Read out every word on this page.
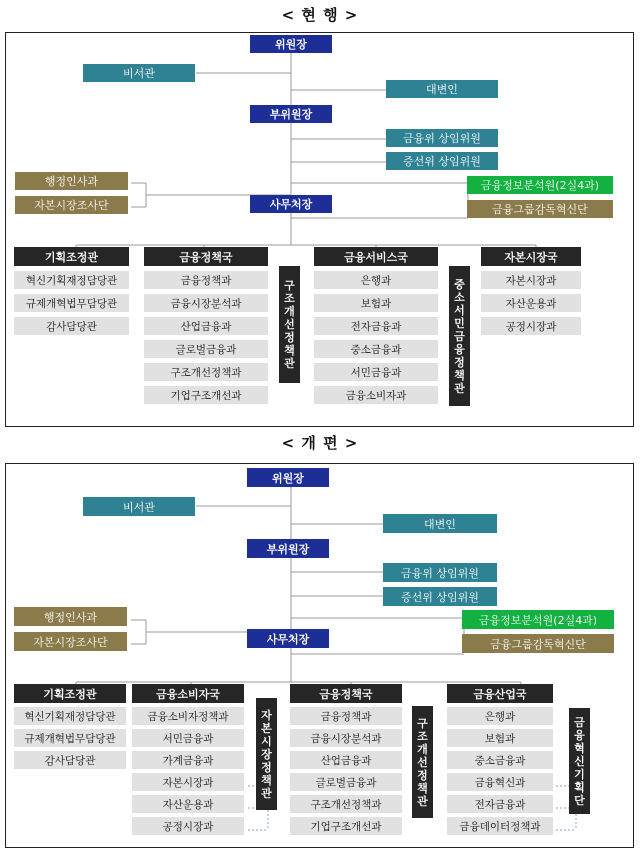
< 현 행 >
위원장
비서관
대변인
부위원장
금융위 상임위원
증선위 상임위원
행정인사과
자본시장조사단
금융정보분석원(2실4과)
금융그룹감독혁신단
사무처장
기획조정관
혁신기획재정담당관
규제개혁법무담당관
감사담당관
금융정책국
금융정책과
금융시장분석과
산업금융과
글로벌금융과
구조개선정책과
기업구조개선과
구조개선정책관
금융서비스국
은행과
보험과
전자금융과
중소금융과
서민금융과
금융소비자과
중소서민금융정책관
자본시장국
자본시장과
자산운용과
공정시장과
< 개 편 >
위원장
비서관
대변인
부위원장
금융위 상임위원
증선위 상임위원
행정인사과
자본시장조사단
금융정보분석원(2실4과)
금융그룹감독혁신단
사무처장
기획조정관
혁신기획재정담당관
규제개혁법무담당관
감사담당관
금융소비자국
금융소비자정책과
서민금융과
가계금융과
자본시장과
자산운용과
공정시장과
자본시장정책관
금융정책국
금융정책과
금융시장분석과
산업금융과
글로벌금융과
구조개선정책과
기업구조개선과
구조개선정책관
금융산업국
은행과
보험과
중소금융과
금융혁신과
전자금융과
금융데이터정책과
금융혁신기획단
